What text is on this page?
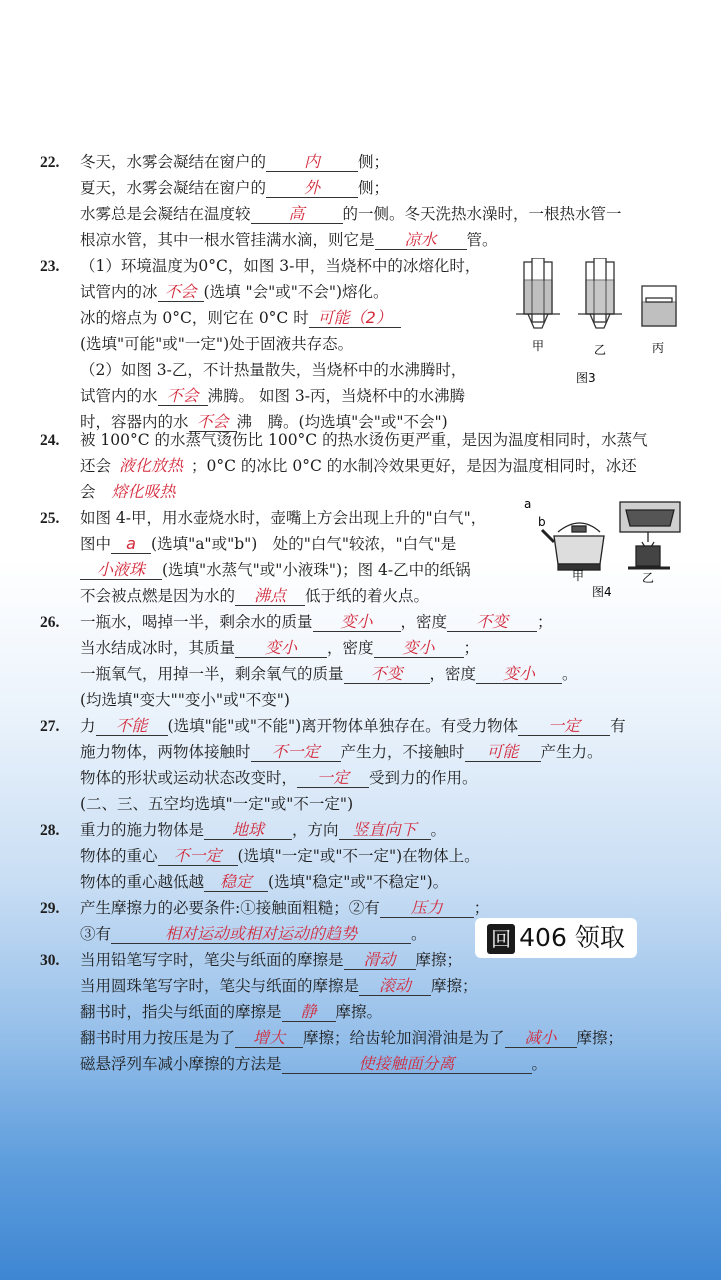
22. 冬天，水雾会凝结在窗户的 内 侧；
夏天，水雾会凝结在窗户的 外 侧；
水雾总是会凝结在温度较 高 的一侧。冬天洗热水澡时，一根热水管一
根凉水管，其中一根水管挂满水滴，则它是 凉水 管。
23. （1）环境温度为0°C，如图 3-甲，当烧杯中的冰熔化时，
试管内的冰 不会 (选填 "会"或"不会")熔化。
冰的熔点为 0°C，则它在 0°C 时 可能（2）
(选填"可能"或"一定")处于固液共存态。
（2）如图 3-乙，不计热量散失，当烧杯中的水沸腾时，
试管内的水 不会 沸腾。 如图 3-丙，当烧杯中的水沸腾
时，容器内的水 不会 沸　腾。(均选填"会"或"不会")
甲	乙	丙
图3
24. 被 100°C 的水蒸气烫伤比 100°C 的热水烫伤更严重，是因为温度相同时，水蒸气
还会 液化放热 ；0°C 的冰比 0°C 的水制冷效果更好，是因为温度相同时，冰还
会 熔化吸热
25. 如图 4-甲，用水壶烧水时，壶嘴上方会出现上升的"白气"，
图中 a (选填"a"或"b")　处的"白气"较浓，"白气"是
小液珠 (选填"水蒸气"或"小液珠")；图 4-乙中的纸锅
不会被点燃是因为水的 沸点 低于纸的着火点。
a
b
甲	乙
图4
26. 一瓶水，喝掉一半，剩余水的质量 变小 ，密度 不变 ；
当水结成冰时，其质量 变小 ，密度 变小 ；
一瓶氧气，用掉一半，剩余氧气的质量 不变 ，密度 变小 。
(均选填"变大""变小"或"不变")
27. 力 不能 (选填"能"或"不能")离开物体单独存在。有受力物体 一定 有
施力物体，两物体接触时 不一定 产生力，不接触时 可能 产生力。
物体的形状或运动状态改变时， 一定 受到力的作用。
(二、三、五空均选填"一定"或"不一定")
28. 重力的施力物体是 地球 ，方向 竖直向下 。
物体的重心 不一定 (选填"一定"或"不一定")在物体上。
物体的重心越低越 稳定 (选填"稳定"或"不稳定")。
29. 产生摩擦力的必要条件:①接触面粗糙；②有 压力 ；
③有	相对运动或相对运动的趋势	。
30. 当用铅笔写字时，笔尖与纸面的摩擦是 滑动 摩擦；
当用圆珠笔写字时，笔尖与纸面的摩擦是 滚动 摩擦；
翻书时，指尖与纸面的摩擦是 静 摩擦。
翻书时用力按压是为了 增大 摩擦；给齿轮加润滑油是为了 减小 摩擦；
磁悬浮列车减小摩擦的方法是	使接触面分离	。
回 406 领取
